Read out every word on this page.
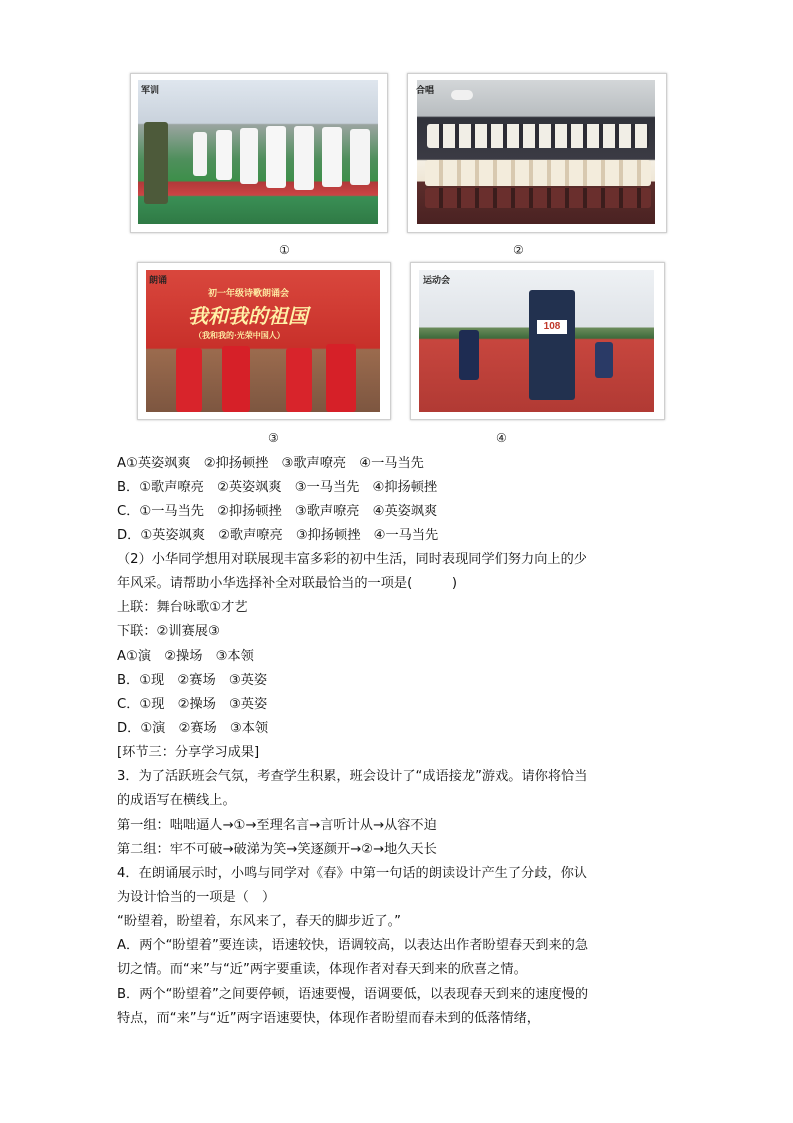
军训
①
合唱
②
初一年级诗歌朗诵会
我和我的祖国
（我和我的·光荣中国人）
朗诵
③
108
运动会
④
A①英姿飒爽　②抑扬顿挫　③歌声嘹亮　④一马当先
B．①歌声嘹亮　②英姿飒爽　③一马当先　④抑扬顿挫
C．①一马当先　②抑扬顿挫　③歌声嘹亮　④英姿飒爽
D．①英姿飒爽　②歌声嘹亮　③抑扬顿挫　④一马当先
（2）小华同学想用对联展现丰富多彩的初中生活，同时表现同学们努力向上的少
年风采。请帮助小华选择补全对联最恰当的一项是(　　　)
上联：舞台咏歌①才艺
下联：②训赛展③
A①演　②操场　③本领
B．①现　②赛场　③英姿
C．①现　②操场　③英姿
D．①演　②赛场　③本领
[环节三：分享学习成果]
3．为了活跃班会气氛，考查学生积累，班会设计了“成语接龙”游戏。请你将恰当
的成语写在横线上。
第一组：咄咄逼人→①→至理名言→言听计从→从容不迫
第二组：牢不可破→破涕为笑→笑逐颜开→②→地久天长
4．在朗诵展示时，小鸣与同学对《春》中第一句话的朗读设计产生了分歧，你认
为设计恰当的一项是（　）
“盼望着，盼望着，东风来了，春天的脚步近了。”
A．两个“盼望着”要连读，语速较快，语调较高，以表达出作者盼望春天到来的急
切之情。而“来”与“近”两字要重读，体现作者对春天到来的欣喜之情。
B．两个“盼望着”之间要停顿，语速要慢，语调要低，以表现春天到来的速度慢的
特点，而“来”与“近”两字语速要快，体现作者盼望而春未到的低落情绪，
